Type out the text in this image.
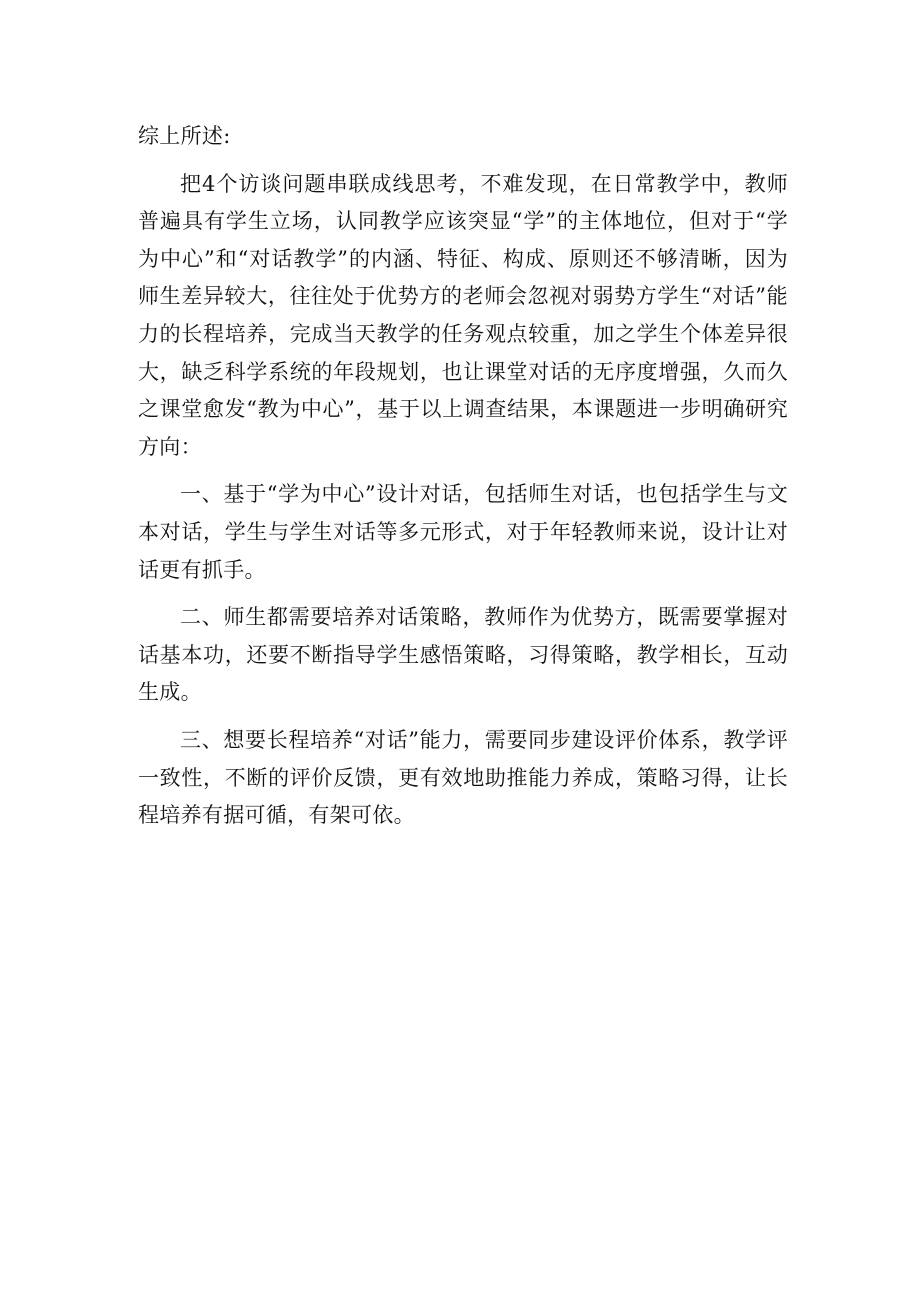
综上所述:

把4个访谈问题串联成线思考，不难发现，在日常教学中，教师普遍具有学生立场，认同教学应该突显“学”的主体地位，但对于“学为中心”和“对话教学”的内涵、特征、构成、原则还不够清晰，因为师生差异较大，往往处于优势方的老师会忽视对弱势方学生“对话”能力的长程培养，完成当天教学的任务观点较重，加之学生个体差异很大，缺乏科学系统的年段规划，也让课堂对话的无序度增强，久而久之课堂愈发“教为中心”，基于以上调查结果，本课题进一步明确研究方向：

一、基于“学为中心”设计对话，包括师生对话，也包括学生与文本对话，学生与学生对话等多元形式，对于年轻教师来说，设计让对话更有抓手。

二、师生都需要培养对话策略，教师作为优势方，既需要掌握对话基本功，还要不断指导学生感悟策略，习得策略，教学相长，互动生成。

三、想要长程培养“对话”能力，需要同步建设评价体系，教学评一致性，不断的评价反馈，更有效地助推能力养成，策略习得，让长程培养有据可循，有架可依。
